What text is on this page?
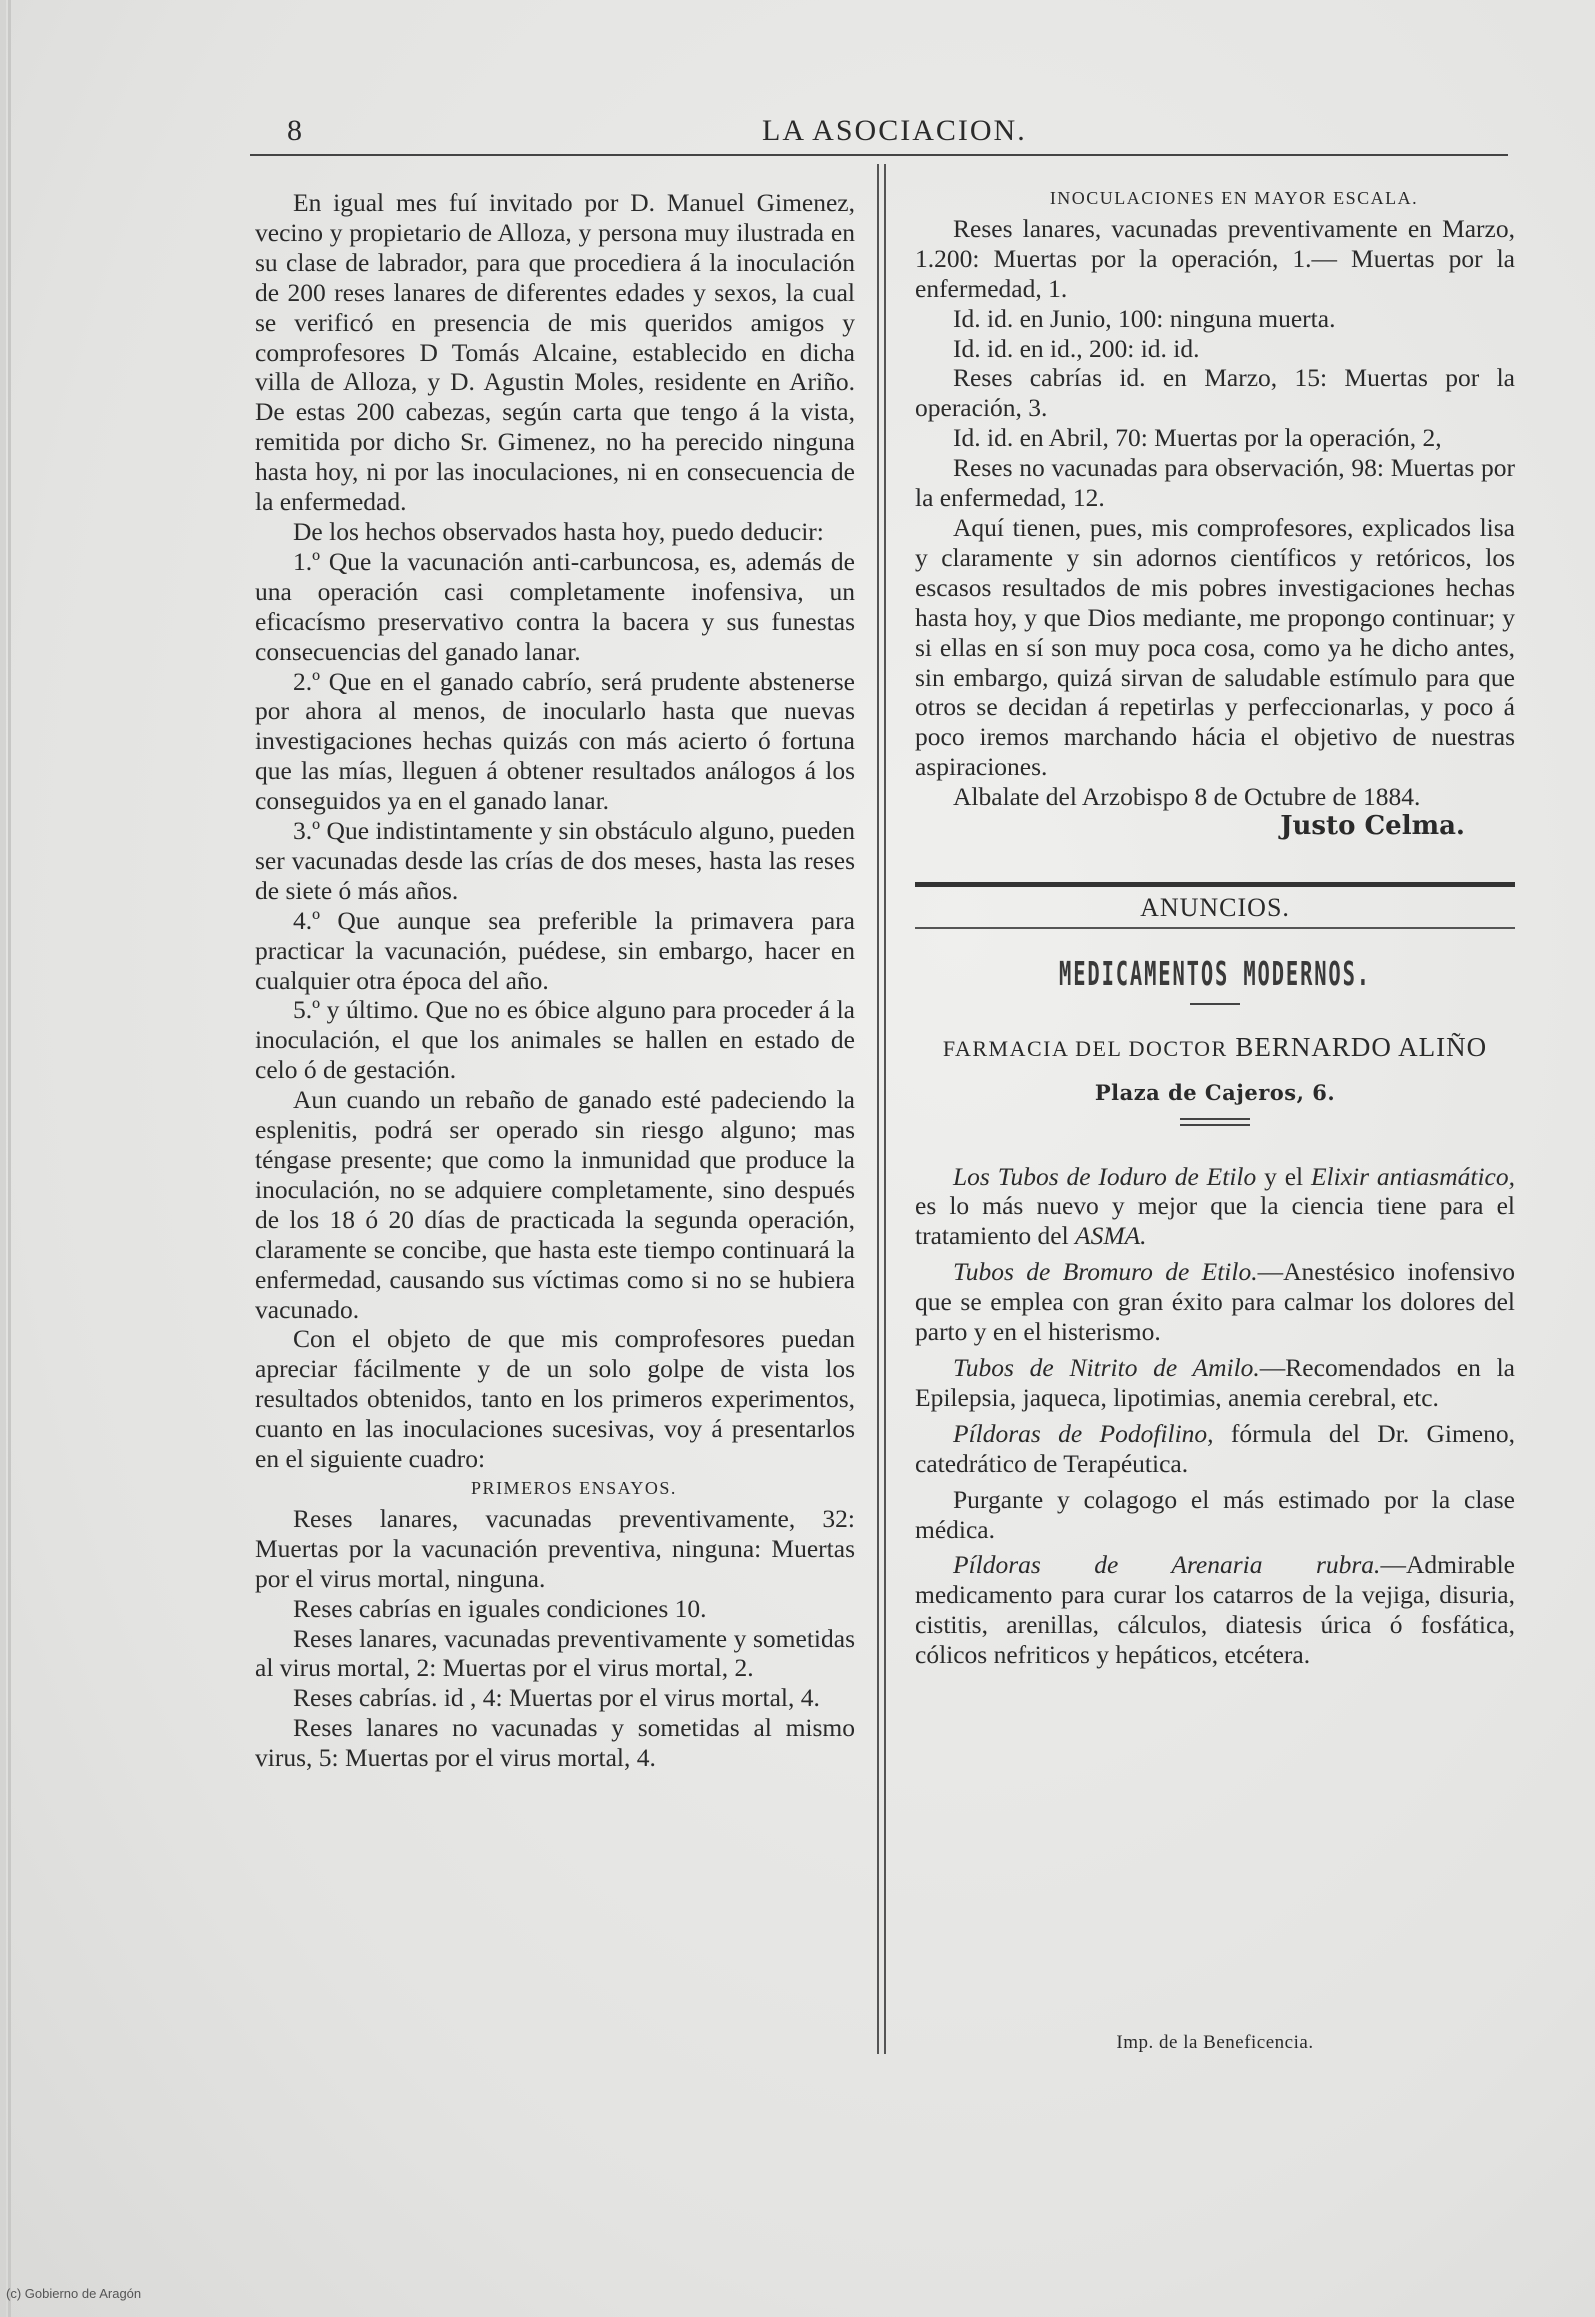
8	LA ASOCIACION.

En igual mes fuí invitado por D. Manuel Gimenez, vecino y propietario de Alloza, y persona muy ilustrada en su clase de labrador, para que procediera á la inoculación de 200 reses lanares de diferentes edades y sexos, la cual se verificó en presencia de mis queridos amigos y comprofesores D Tomás Alcaine, establecido en dicha villa de Alloza, y D. Agustin Moles, residente en Ariño. De estas 200 cabezas, según carta que tengo á la vista, remitida por dicho Sr. Gimenez, no ha perecido ninguna hasta hoy, ni por las inoculaciones, ni en consecuencia de la enfermedad.

De los hechos observados hasta hoy, puedo deducir:

1.º Que la vacunación anti-carbuncosa, es, además de una operación casi completamente inofensiva, un eficacísmo preservativo contra la bacera y sus funestas consecuencias del ganado lanar.

2.º Que en el ganado cabrío, será prudente abstenerse por ahora al menos, de inocularlo hasta que nuevas investigaciones hechas quizás con más acierto ó fortuna que las mías, lleguen á obtener resultados análogos á los conseguidos ya en el ganado lanar.

3.º Que indistintamente y sin obstáculo alguno, pueden ser vacunadas desde las crías de dos meses, hasta las reses de siete ó más años.

4.º Que aunque sea preferible la primavera para practicar la vacunación, puédese, sin embargo, hacer en cualquier otra época del año.

5.º y último. Que no es óbice alguno para proceder á la inoculación, el que los animales se hallen en estado de celo ó de gestación.

Aun cuando un rebaño de ganado esté padeciendo la esplenitis, podrá ser operado sin riesgo alguno; mas téngase presente; que como la inmunidad que produce la inoculación, no se adquiere completamente, sino después de los 18 ó 20 días de practicada la segunda operación, claramente se concibe, que hasta este tiempo continuará la enfermedad, causando sus víctimas como si no se hubiera vacunado.

Con el objeto de que mis comprofesores puedan apreciar fácilmente y de un solo golpe de vista los resultados obtenidos, tanto en los primeros experimentos, cuanto en las inoculaciones sucesivas, voy á presentarlos en el siguiente cuadro:

PRIMEROS ENSAYOS.

Reses lanares, vacunadas preventivamente, 32: Muertas por la vacunación preventiva, ninguna: Muertas por el virus mortal, ninguna.

Reses cabrías en iguales condiciones 10.

Reses lanares, vacunadas preventivamente y sometidas al virus mortal, 2: Muertas por el virus mortal, 2.

Reses cabrías. id , 4: Muertas por el virus mortal, 4.

Reses lanares no vacunadas y sometidas al mismo virus, 5: Muertas por el virus mortal, 4.

INOCULACIONES EN MAYOR ESCALA.

Reses lanares, vacunadas preventivamente en Marzo, 1.200: Muertas por la operación, 1.— Muertas por la enfermedad, 1.

Id. id. en Junio, 100: ninguna muerta.

Id. id. en id., 200: id. id.

Reses cabrías id. en Marzo, 15: Muertas por la operación, 3.

Id. id. en Abril, 70: Muertas por la operación, 2,

Reses no vacunadas para observación, 98: Muertas por la enfermedad, 12.

Aquí tienen, pues, mis comprofesores, explicados lisa y claramente y sin adornos científicos y retóricos, los escasos resultados de mis pobres investigaciones hechas hasta hoy, y que Dios mediante, me propongo continuar; y si ellas en sí son muy poca cosa, como ya he dicho antes, sin embargo, quizá sirvan de saludable estímulo para que otros se decidan á repetirlas y perfeccionarlas, y poco á poco iremos marchando hácia el objetivo de nuestras aspiraciones.

Albalate del Arzobispo 8 de Octubre de 1884.

Justo Celma.

ANUNCIOS.
MEDICAMENTOS MODERNOS.
FARMACIA DEL DOCTOR BERNARDO ALIÑO
Plaza de Cajeros, 6.

Los Tubos de Ioduro de Etilo y el Elixir antiasmático, es lo más nuevo y mejor que la ciencia tiene para el tratamiento del ASMA.

Tubos de Bromuro de Etilo.—Anestésico inofensivo que se emplea con gran éxito para calmar los dolores del parto y en el histerismo.

Tubos de Nitrito de Amilo.—Recomendados en la Epilepsia, jaqueca, lipotimias, anemia cerebral, etc.

Píldoras de Podofilino, fórmula del Dr. Gimeno, catedrático de Terapéutica.

Purgante y colagogo el más estimado por la clase médica.

Píldoras de Arenaria rubra.—Admirable medicamento para curar los catarros de la vejiga, disuria, cistitis, arenillas, cálculos, diatesis úrica ó fosfática, cólicos nefriticos y hepáticos, etcétera.

Imp. de la Beneficencia.
(c) Gobierno de Aragón
